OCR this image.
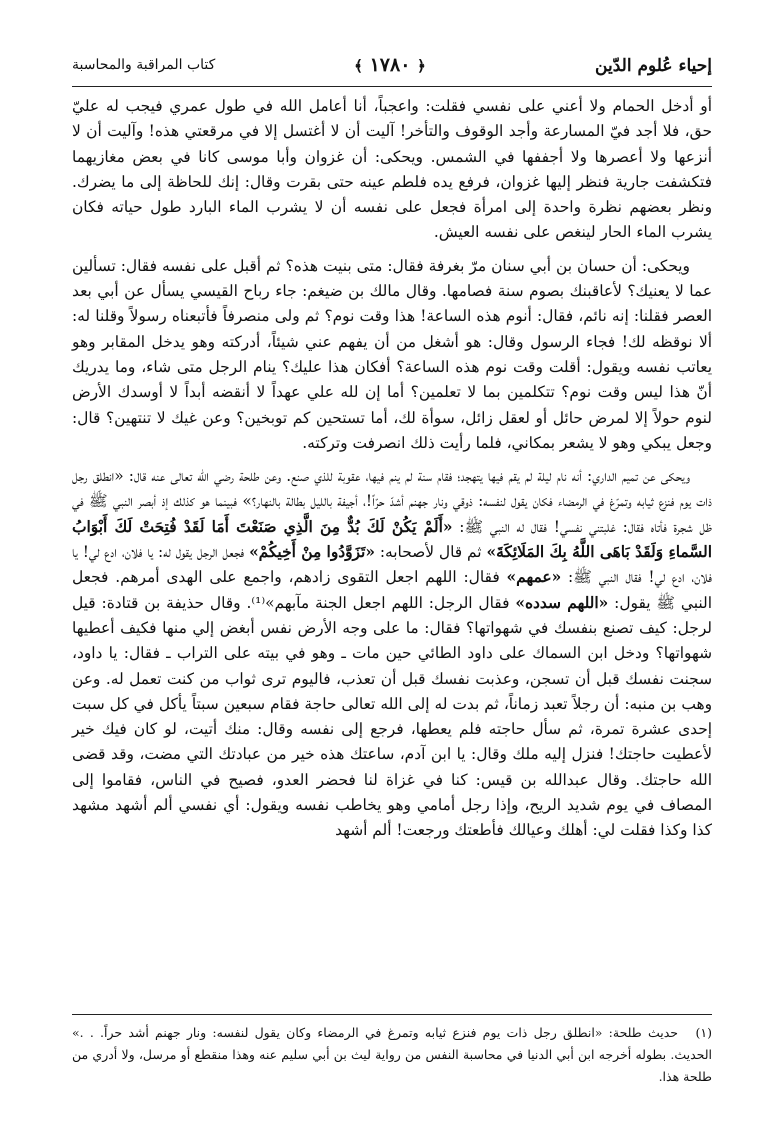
إحياء عُلوم الدّين
﴾ ١٧٨٠ ﴿
كتاب المراقبة والمحاسبة

أو أدخل الحمام ولا أعني على نفسي فقلت: واعجباً، أنا أعامل الله في طول عمري فيجب له عليّ حق، فلا أجد فيّ المسارعة وأجد الوقوف والتأخر! آليت أن لا أغتسل إلا في مرقعتي هذه! وآليت أن لا أنزعها ولا أعصرها ولا أجففها في الشمس. ويحكى: أن غزوان وأبا موسى كانا في بعض مغازيهما فتكشفت جارية فنظر إليها غزوان، فرفع يده فلطم عينه حتى بقرت وقال: إنك للحاظة إلى ما يضرك. ونظر بعضهم نظرة واحدة إلى امرأة فجعل على نفسه أن لا يشرب الماء البارد طول حياته فكان يشرب الماء الحار لينغص على نفسه العيش.

ويحكى: أن حسان بن أبي سنان مرّ بغرفة فقال: متى بنيت هذه؟ ثم أقبل على نفسه فقال: تسألين عما لا يعنيك؟ لأعاقبنك بصوم سنة فصامها. وقال مالك بن ضيغم: جاء رباح القيسي يسأل عن أبي بعد العصر فقلنا: إنه نائم، فقال: أنوم هذه الساعة! هذا وقت نوم؟ ثم ولى منصرفاً فأتبعناه رسولاً وقلنا له: ألا نوقظه لك! فجاء الرسول وقال: هو أشغل من أن يفهم عني شيئاً، أدركته وهو يدخل المقابر وهو يعاتب نفسه ويقول: أقلت وقت نوم هذه الساعة؟ أفكان هذا عليك؟ ينام الرجل متى شاء، وما يدريك أنّ هذا ليس وقت نوم؟ تتكلمين بما لا تعلمين؟ أما إن لله علي عهداً لا أنقضه أبداً لا أوسدك الأرض لنوم حولاً إلا لمرض حائل أو لعقل زائل، سوأة لك، أما تستحين كم توبخين؟ وعن غيك لا تنتهين؟ قال: وجعل يبكي وهو لا يشعر بمكاني، فلما رأيت ذلك انصرفت وتركته.

ويحكى عن تميم الداري: أنه نام ليلة لم يقم فيها يتهجد؛ فقام سنة لم ينم فيها، عقوبة للذي صنع. وعن طلحة رضي الله تعالى عنه قال: «انطلق رجل ذات يوم فنزع ثيابه وتمرّغ في الرمضاء فكان يقول لنفسه: ذوقي ونار جهنم أشدّ حرّاً!، أجيفة بالليل بطالة بالنهار؟» فبينما هو كذلك إذ أبصر النبي ﷺ في ظل شجرة فأتاه فقال: غلبتني نفسي! فقال له النبي ﷺ: «أَلَمْ يَكُنْ لَكَ بُدٌّ مِنَ الَّذِي صَنَعْتَ أَمَا لَقَدْ فُتِحَتْ لَكَ أَبْوَابُ السَّماءِ وَلَقَدْ بَاهَى اللَّهُ بِكَ المَلَائِكَةَ» ثم قال لأصحابه: «تَزَوَّدُوا مِنْ أَخِيكُمْ» فجعل الرجل يقول له: يا فلان، ادع لي! يا فلان، ادع لي! فقال النبي ﷺ: «عمهم» فقال: اللهم اجعل التقوى زادهم، واجمع على الهدى أمرهم. فجعل النبي ﷺ يقول: «اللهم سدده» فقال الرجل: اللهم اجعل الجنة مآبهم»⁽¹⁾. وقال حذيفة بن قتادة: قيل لرجل: كيف تصنع بنفسك في شهواتها؟ فقال: ما على وجه الأرض نفس أبغض إلي منها فكيف أعطيها شهواتها؟ ودخل ابن السماك على داود الطائي حين مات ـ وهو في بيته على التراب ـ فقال: يا داود، سجنت نفسك قبل أن تسجن، وعذبت نفسك قبل أن تعذب، فاليوم ترى ثواب من كنت تعمل له. وعن وهب بن منبه: أن رجلاً تعبد زماناً، ثم بدت له إلى الله تعالى حاجة فقام سبعين سبتاً يأكل في كل سبت إحدى عشرة تمرة، ثم سأل حاجته فلم يعطها، فرجع إلى نفسه وقال: منك أتيت، لو كان فيك خير لأعطيت حاجتك! فنزل إليه ملك وقال: يا ابن آدم، ساعتك هذه خير من عبادتك التي مضت، وقد قضى الله حاجتك. وقال عبدالله بن قيس: كنا في غزاة لنا فحضر العدو، فصيح في الناس، فقاموا إلى المصاف في يوم شديد الريح، وإذا رجل أمامي وهو يخاطب نفسه ويقول: أي نفسي ألم أشهد مشهد كذا وكذا فقلت لي: أهلك وعيالك فأطعتك ورجعت! ألم أشهد

(١)حديث طلحة: «انطلق رجل ذات يوم فنزع ثيابه وتمرغ في الرمضاء وكان يقول لنفسه: ونار جهنم أشد حراً. . .» الحديث. بطوله أخرجه ابن أبي الدنيا في محاسبة النفس من رواية ليث بن أبي سليم عنه وهذا منقطع أو مرسل، ولا أدري من طلحة هذا.
